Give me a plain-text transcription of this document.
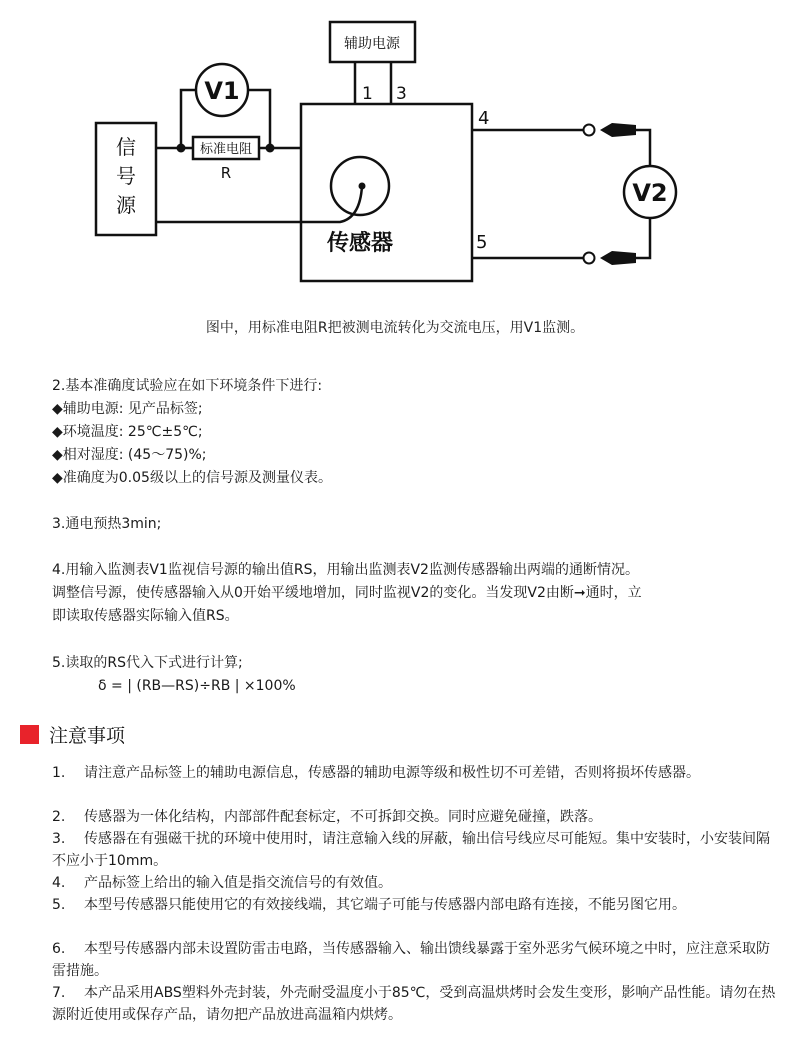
辅助电源
1 3
4
5
V1
V2
信
号
源
标准电阻
R
传感器
图中，用标准电阻R把被测电流转化为交流电压，用V1监测。
2.基本准确度试验应在如下环境条件下进行:
◆辅助电源: 见产品标签;
◆环境温度: 25℃±5℃;
◆相对湿度: (45～75)%;
◆准确度为0.05级以上的信号源及测量仪表。
3.通电预热3min;
4.用输入监测表V1监视信号源的输出值RS，用输出监测表V2监测传感器输出两端的通断情况。
调整信号源，使传感器输入从0开始平缓地增加，同时监视V2的变化。当发现V2由断➞通时，立
即读取传感器实际输入值RS。
5.读取的RS代入下式进行计算;
δ = | (RB—RS)÷RB | ×100%
注意事项
1. 请注意产品标签上的辅助电源信息，传感器的辅助电源等级和极性切不可差错，否则将损坏传感器。
2. 传感器为一体化结构，内部部件配套标定，不可拆卸交换。同时应避免碰撞，跌落。
3. 传感器在有强磁干扰的环境中使用时，请注意输入线的屏蔽，输出信号线应尽可能短。集中安装时，小安装间隔不应小于10mm。
4. 产品标签上给出的输入值是指交流信号的有效值。
5. 本型号传感器只能使用它的有效接线端，其它端子可能与传感器内部电路有连接，不能另图它用。
6. 本型号传感器内部未设置防雷击电路，当传感器输入、输出馈线暴露于室外恶劣气候环境之中时，应注意采取防雷措施。
7. 本产品采用ABS塑料外壳封装，外壳耐受温度小于85℃，受到高温烘烤时会发生变形，影响产品性能。请勿在热源附近使用或保存产品，请勿把产品放进高温箱内烘烤。
